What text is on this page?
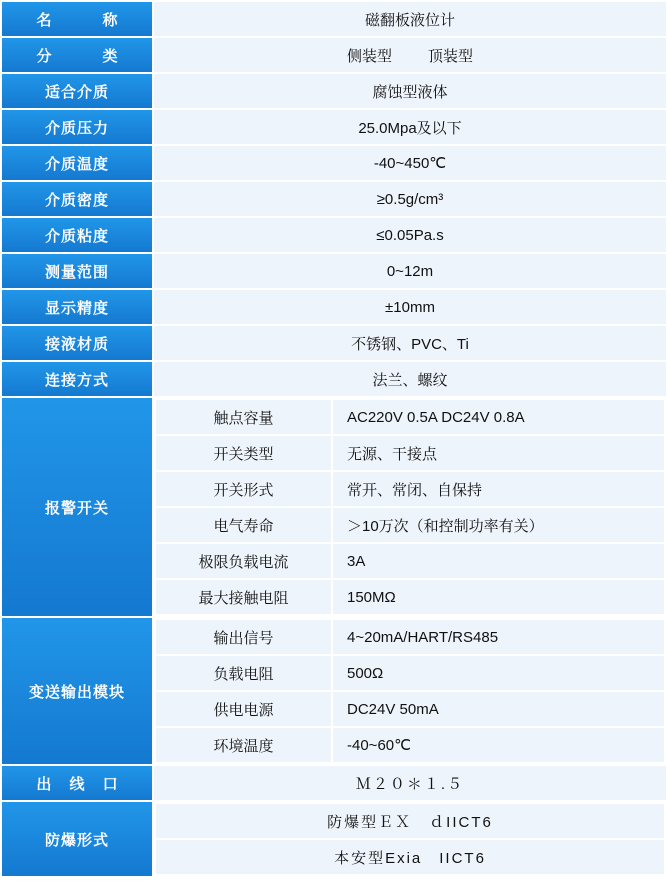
名　　称	磁翻板液位计
分　　类	侧装型 顶装型
适合介质	腐蚀型液体
介质压力	25.0Mpa及以下
介质温度	-40~450℃
介质密度	≥0.5g/cm³
介质粘度	≤0.05Pa.s
测量范围	0~12m
显示精度	±10mm
接液材质	不锈钢、PVC、Ti
连接方式	法兰、螺纹
报警开关	
触点容量	AC220V 0.5A DC24V 0.8A
开关类型	无源、干接点
开关形式	常开、常闭、自保持
电气寿命	＞10万次（和控制功率有关）
极限负载电流	3A
最大接触电阻	150MΩ

变送输出模块	
输出信号	4~20mA/HART/RS485
负载电阻	500Ω
供电电源	DC24V 50mA
环境温度	-40~60℃

出 线 口	Ｍ２０＊１.５
防爆形式	
防爆型ＥＸ　ｄIICT6
本安型Exia　IICT6
